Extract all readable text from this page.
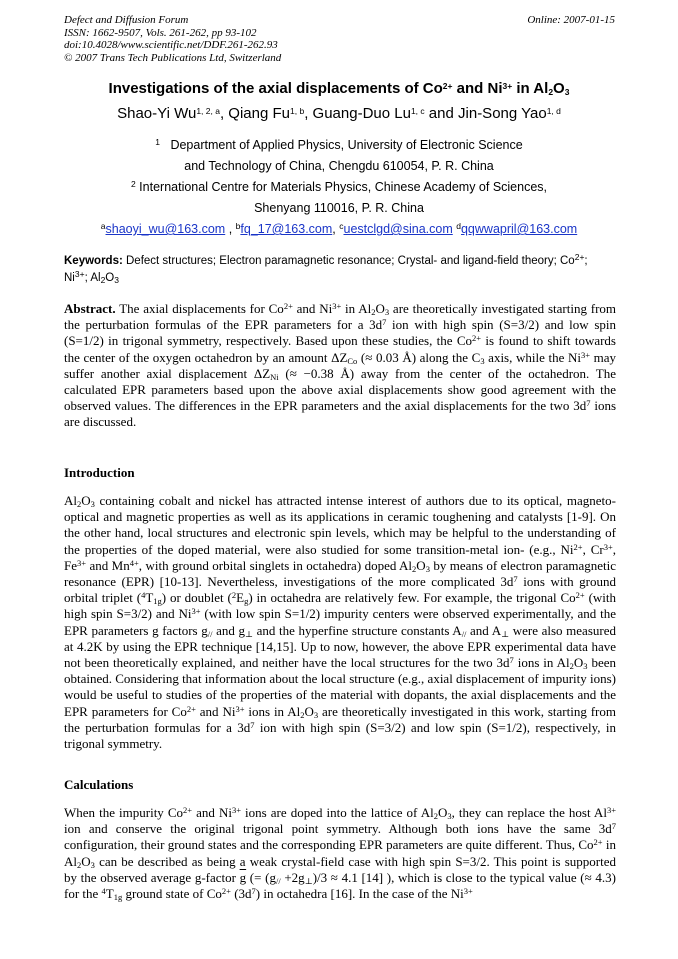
Defect and Diffusion Forum
ISSN: 1662-9507, Vols. 261-262, pp 93-102
doi:10.4028/www.scientific.net/DDF.261-262.93
© 2007 Trans Tech Publications Ltd, Switzerland
Online: 2007-01-15
Investigations of the axial displacements of $Co^{2+}$ and $Ni^{3+}$ in $Al_2O_3$
Shao-Yi Wu$^{1, 2, a}$, Qiang Fu$^{1, b}$, Guang-Duo Lu$^{1, c}$ and Jin-Song Yao$^{1, d}$
$^1$ Department of Applied Physics, University of Electronic Science
and Technology of China, Chengdu 610054, P. R. China
$^2$ International Centre for Materials Physics, Chinese Academy of Sciences,
Shenyang 110016, P. R. China
$^a$shaoyi_wu@163.com , $^b$fq_17@163.com, $^c$uestclgd@sina.com $^d$qqwwapril@163.com
Keywords: Defect structures; Electron paramagnetic resonance; Crystal- and ligand-field theory; $Co^{2+}$;
$Ni^{3+}$; $Al_2O_3$
Abstract. The axial displacements for $Co^{2+}$ and $Ni^{3+}$ in $Al_2O_3$ are theoretically investigated starting from the perturbation formulas of the EPR parameters for a $3d^7$ ion with high spin (S=3/2) and low spin (S=1/2) in trigonal symmetry, respectively. Based upon these studies, the $Co^{2+}$ is found to shift towards the center of the oxygen octahedron by an amount $\Delta Z_{Co}$ (≈ 0.03 Å) along the $C_3$ axis, while the $Ni^{3+}$ may suffer another axial displacement $\Delta Z_{Ni}$ (≈ −0.38 Å) away from the center of the octahedron. The calculated EPR parameters based upon the above axial displacements show good agreement with the observed values. The differences in the EPR parameters and the axial displacements for the two $3d^7$ ions are discussed.
Introduction
$Al_2O_3$ containing cobalt and nickel has attracted intense interest of authors due to its optical, magneto-optical and magnetic properties as well as its applications in ceramic toughening and catalysts [1-9]. On the other hand, local structures and electronic spin levels, which may be helpful to the understanding of the properties of the doped material, were also studied for some transition-metal ion- (e.g., $Ni^{2+}$, $Cr^{3+}$, $Fe^{3+}$ and $Mn^{4+}$, with ground orbital singlets in octahedra) doped $Al_2O_3$ by means of electron paramagnetic resonance (EPR) [10-13]. Nevertheless, investigations of the more complicated $3d^7$ ions with ground orbital triplet $(^4T_{1g})$ or doublet $(^2E_g)$ in octahedra are relatively few. For example, the trigonal $Co^{2+}$ (with high spin S=3/2) and $Ni^{3+}$ (with low spin S=1/2) impurity centers were observed experimentally, and the EPR parameters g factors $g_{//}$ and $g_\perp$ and the hyperfine structure constants $A_{//}$ and $A_\perp$ were also measured at 4.2K by using the EPR technique [14,15]. Up to now, however, the above EPR experimental data have not been theoretically explained, and neither have the local structures for the two $3d^7$ ions in $Al_2O_3$ been obtained. Considering that information about the local structure (e.g., axial displacement of impurity ions) would be useful to studies of the properties of the material with dopants, the axial displacements and the EPR parameters for $Co^{2+}$ and $Ni^{3+}$ ions in $Al_2O_3$ are theoretically investigated in this work, starting from the perturbation formulas for a $3d^7$ ion with high spin (S=3/2) and low spin (S=1/2), respectively, in trigonal symmetry.
Calculations
When the impurity $Co^{2+}$ and $Ni^{3+}$ ions are doped into the lattice of $Al_2O_3$, they can replace the host $Al^{3+}$ ion and conserve the original trigonal point symmetry. Although both ions have the same $3d^7$ configuration, their ground states and the corresponding EPR parameters are quite different. Thus, $Co^{2+}$ in $Al_2O_3$ can be described as being a weak crystal-field case with high spin S=3/2. This point is supported by the observed average g-factor $\overline{g}$ (= $(g_{//} +2g_\perp)/3 \approx 4.1$ [14] ), which is close to the typical value (≈ 4.3) for the $^4T_{1g}$ ground state of $Co^{2+}$ $(3d^7)$ in octahedra [16]. In the case of the $Ni^{3+}$
